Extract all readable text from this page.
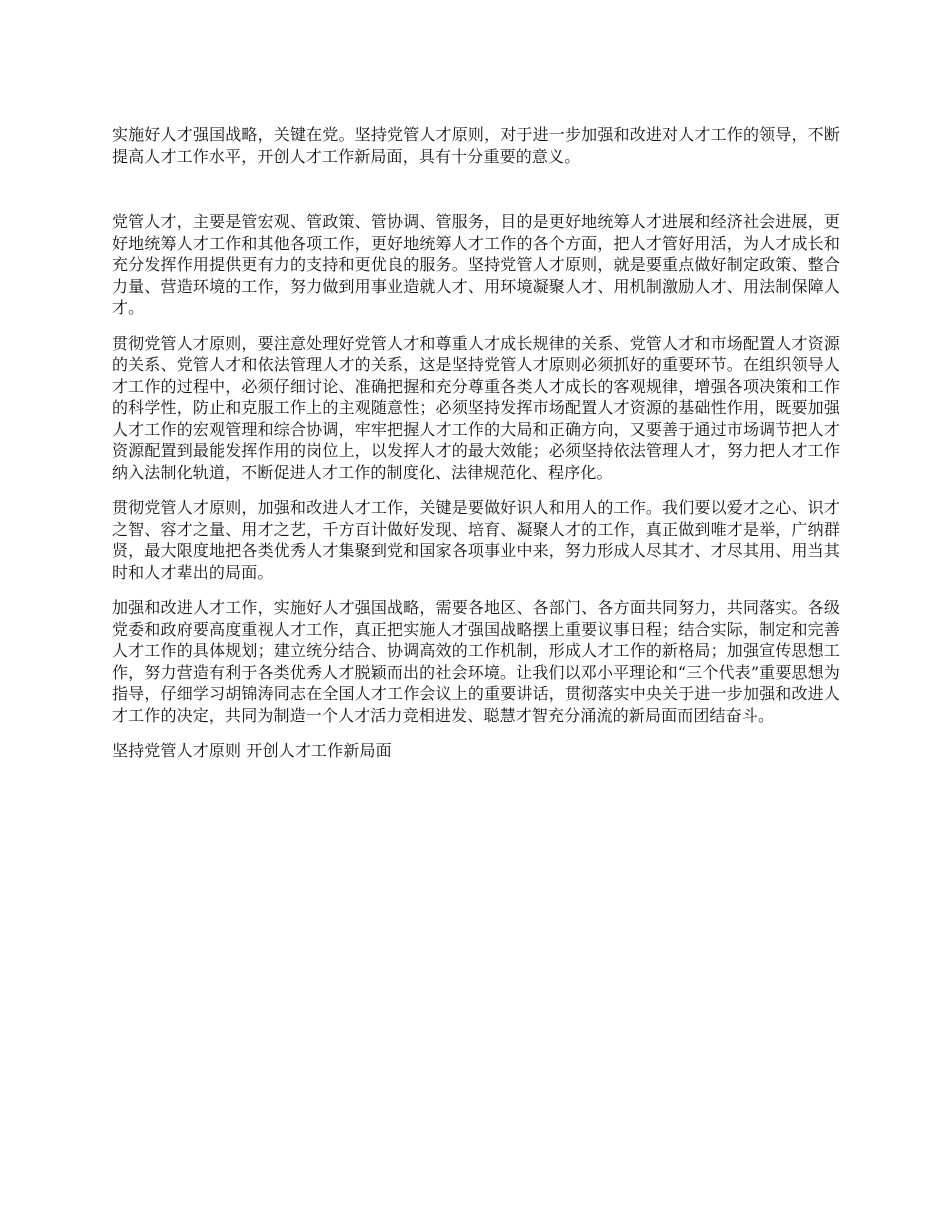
实施好人才强国战略，关键在党。坚持党管人才原则，对于进一步加强和改进对人才工作的领导，不断提高人才工作水平，开创人才工作新局面，具有十分重要的意义。

党管人才，主要是管宏观、管政策、管协调、管服务，目的是更好地统筹人才进展和经济社会进展，更好地统筹人才工作和其他各项工作，更好地统筹人才工作的各个方面，把人才管好用活，为人才成长和充分发挥作用提供更有力的支持和更优良的服务。坚持党管人才原则，就是要重点做好制定政策、整合力量、营造环境的工作，努力做到用事业造就人才、用环境凝聚人才、用机制激励人才、用法制保障人才。

贯彻党管人才原则，要注意处理好党管人才和尊重人才成长规律的关系、党管人才和市场配置人才资源的关系、党管人才和依法管理人才的关系，这是坚持党管人才原则必须抓好的重要环节。在组织领导人才工作的过程中，必须仔细讨论、准确把握和充分尊重各类人才成长的客观规律，增强各项决策和工作的科学性，防止和克服工作上的主观随意性；必须坚持发挥市场配置人才资源的基础性作用，既要加强人才工作的宏观管理和综合协调，牢牢把握人才工作的大局和正确方向，又要善于通过市场调节把人才资源配置到最能发挥作用的岗位上，以发挥人才的最大效能；必须坚持依法管理人才，努力把人才工作纳入法制化轨道，不断促进人才工作的制度化、法律规范化、程序化。

贯彻党管人才原则，加强和改进人才工作，关键是要做好识人和用人的工作。我们要以爱才之心、识才之智、容才之量、用才之艺，千方百计做好发现、培育、凝聚人才的工作，真正做到唯才是举，广纳群贤，最大限度地把各类优秀人才集聚到党和国家各项事业中来，努力形成人尽其才、才尽其用、用当其时和人才辈出的局面。

加强和改进人才工作，实施好人才强国战略，需要各地区、各部门、各方面共同努力，共同落实。各级党委和政府要高度重视人才工作，真正把实施人才强国战略摆上重要议事日程；结合实际，制定和完善人才工作的具体规划；建立统分结合、协调高效的工作机制，形成人才工作的新格局；加强宣传思想工作，努力营造有利于各类优秀人才脱颖而出的社会环境。让我们以邓小平理论和“三个代表”重要思想为指导，仔细学习胡锦涛同志在全国人才工作会议上的重要讲话，贯彻落实中央关于进一步加强和改进人才工作的决定，共同为制造一个人才活力竞相进发、聪慧才智充分涌流的新局面而团结奋斗。

坚持党管人才原则 开创人才工作新局面
